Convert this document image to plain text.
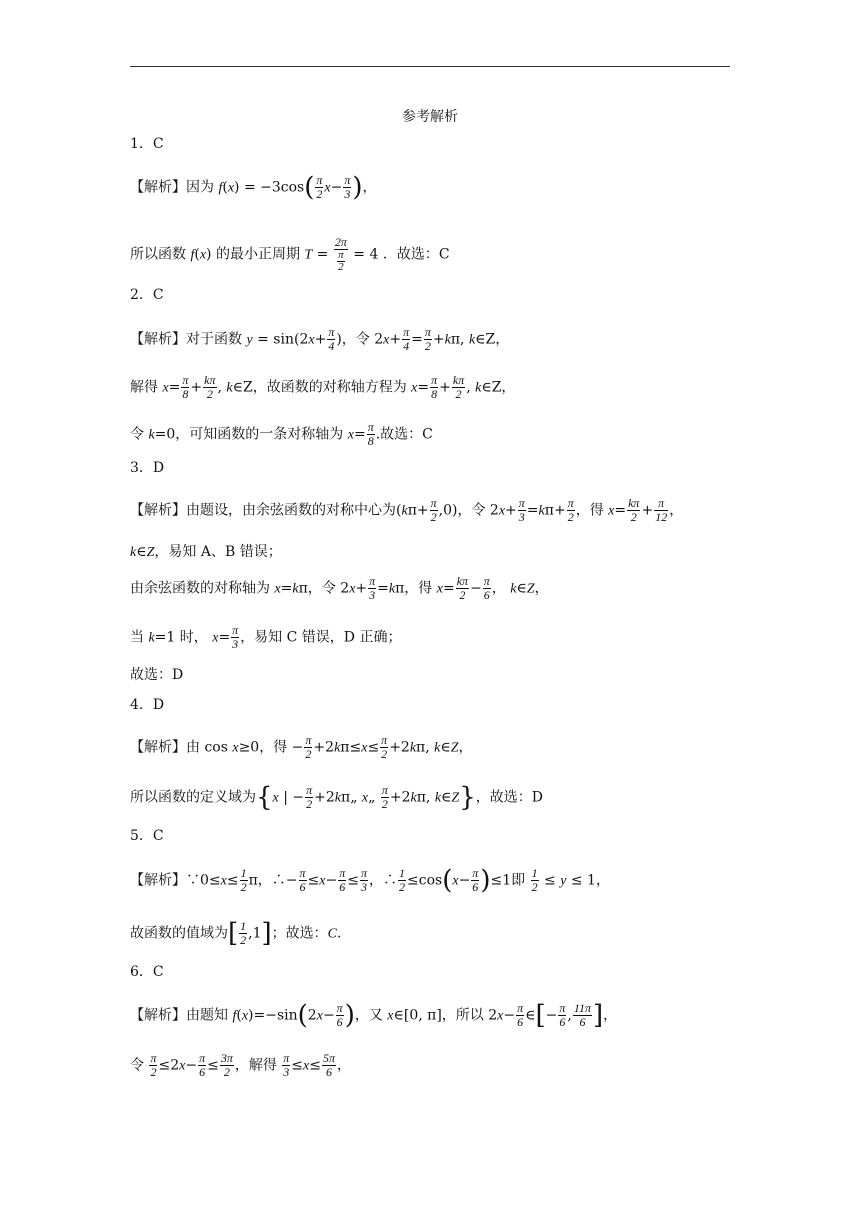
参考解析
1．C
【解析】因为 $f(x) = -3\cos( \frac{\pi}{2} x- \frac{\pi}{3}$ )，
所以函数 f(x) 的最小正周期 $T = \frac{2\pi}{\frac{\pi}{2}} = 4$ ．故选：C
2．C
【解析】对于函数 $y = \sin(2x+ \frac{\pi}{4}$ )，令 $2x+ \frac{\pi}{4} = \frac{\pi}{2} +k\pi$, k∈Z，
解得 $x= \frac{\pi}{8} + \frac{k\pi}{2}$ , k∈Z，故函数的对称轴方程为 $x= \frac{\pi}{8} + \frac{k\pi}{2}$ , k∈Z，
令 k=0，可知函数的一条对称轴为 $x= \frac{\pi}{8}$ .故选：C
3．D
【解析】由题设，由余弦函数的对称中心为$(k\pi+ \frac{\pi}{2} ,0)$，令 $2x+ \frac{\pi}{3} =k\pi+ \frac{\pi}{2}$ ，得 $x= \frac{k\pi}{2} + \frac{\pi}{12}$ ，
k∈Z，易知 A、B 错误；
由余弦函数的对称轴为 x=kπ，令 $2x+ \frac{\pi}{3} =k\pi$，得 $x= \frac{k\pi}{2} - \frac{\pi}{6}$ ， k∈Z，
当 k=1 时， $x= \frac{\pi}{3}$ ，易知 C 错误，D 正确；
故选：D
4．D
【解析】由 cos x≥0，得 − $\frac{\pi}{2} +2k\pi\le x\le \frac{\pi}{2} +2k\pi$, k∈Z，
所以函数的定义域为{x | − $\frac{\pi}{2}$ +2kπ„ x„ $\frac{\pi}{2} +2k\pi$, k∈Z}，故选：D
5．C
【解析】∵0≤x≤ $\frac{1}{2}$ π，∴− $\frac{\pi}{6} \le x- \frac{\pi}{6} \le \frac{\pi}{3}$ ，∴ $\frac{1}{2} \le\cos(x- \frac{\pi}{6} )\le 1$即 $\frac{1}{2} \le y \le 1$，
故函数的值域为[ $\frac{1}{2} ,1$]；故选：C.
6．C
【解析】由题知 $f(x)=-\sin(2x- \frac{\pi}{6}$ )，又 x∈[0, π]，所以 $2x- \frac{\pi}{6}$ ∈[− $\frac{\pi}{6}$ , $\frac{11\pi}{6}$ ]，
令 $\frac{\pi}{2} \le 2x- \frac{\pi}{6} \le \frac{3\pi}{2}$ ，解得 $\frac{\pi}{3} \le x\le \frac{5\pi}{6}$ ，
